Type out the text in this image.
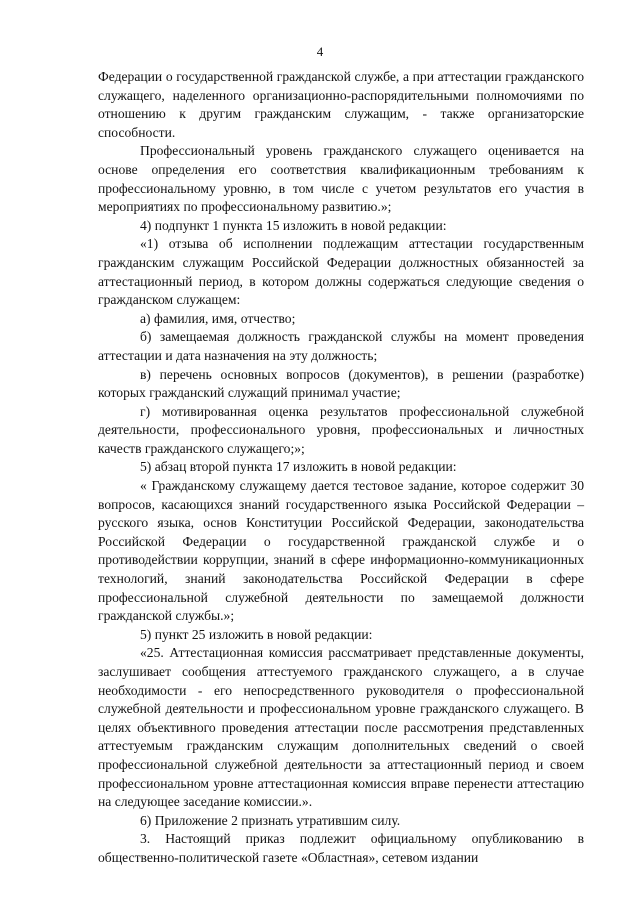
4

Федерации о государственной гражданской службе, а при аттестации гражданского служащего, наделенного организационно-распорядительными полномочиями по отношению к другим гражданским служащим, - также организаторские способности.

Профессиональный уровень гражданского служащего оценивается на основе определения его соответствия квалификационным требованиям к профессиональному уровню, в том числе с учетом результатов его участия в мероприятиях по профессиональному развитию.»;

4) подпункт 1 пункта 15 изложить в новой редакции:

«1) отзыва об исполнении подлежащим аттестации государственным гражданским служащим Российской Федерации должностных обязанностей за аттестационный период, в котором должны содержаться следующие сведения о гражданском служащем:

а) фамилия, имя, отчество;

б) замещаемая должность гражданской службы на момент проведения аттестации и дата назначения на эту должность;

в) перечень основных вопросов (документов), в решении (разработке) которых гражданский служащий принимал участие;

г) мотивированная оценка результатов профессиональной служебной деятельности, профессионального уровня, профессиональных и личностных качеств гражданского служащего;»;

5) абзац второй пункта 17 изложить в новой редакции:

« Гражданскому служащему дается тестовое задание, которое содержит 30 вопросов, касающихся знаний государственного языка Российской Федерации – русского языка, основ Конституции Российской Федерации, законодательства Российской Федерации о государственной гражданской службе и о противодействии коррупции, знаний в сфере информационно-коммуникационных технологий, знаний законодательства Российской Федерации в сфере профессиональной служебной деятельности по замещаемой должности гражданской службы.»;

5) пункт 25 изложить в новой редакции:

«25. Аттестационная комиссия рассматривает представленные документы, заслушивает сообщения аттестуемого гражданского служащего, а в случае необходимости - его непосредственного руководителя о профессиональной служебной деятельности и профессиональном уровне гражданского служащего. В целях объективного проведения аттестации после рассмотрения представленных аттестуемым гражданским служащим дополнительных сведений о своей профессиональной служебной деятельности за аттестационный период и своем профессиональном уровне аттестационная комиссия вправе перенести аттестацию на следующее заседание комиссии.».

6) Приложение 2 признать утратившим силу.

3. Настоящий приказ подлежит официальному опубликованию в общественно-политической газете «Областная», сетевом издании
